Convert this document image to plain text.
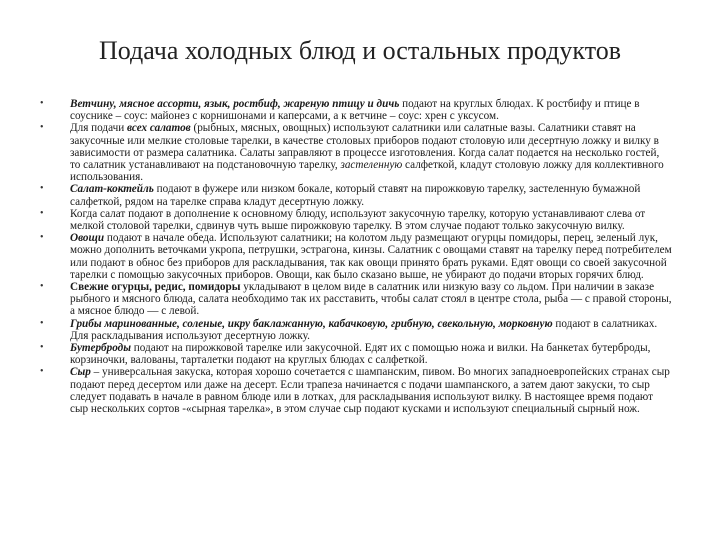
Подача холодных блюд и остальных продуктов
• Ветчину, мясное ассорти, язык, ростбиф, жареную птицу и дичь подают на круглых блюдах. К ростбифу и птице в соуснике – соус: майонез с корнишонами и каперсами, а к ветчине – соус: хрен с уксусом.
• Для подачи всех салатов (рыбных, мясных, овощных) используют салатники или салатные вазы. Салатники ставят на закусочные или мелкие столовые тарелки, в качестве столовых приборов подают столовую или десертную ложку и вилку в зависимости от размера салатника. Салаты заправляют в процессе изготовления. Когда салат подается на несколько гостей, то салатник устанавливают на подстановочную тарелку, застеленную салфеткой, кладут столовую ложку для коллективного использования.
• Салат-коктейль подают в фужере или низком бокале, который ставят на пирожковую тарелку, застеленную бумажной салфеткой, рядом на тарелке справа кладут десертную ложку.
• Когда салат подают в дополнение к основному блюду, используют закусочную тарелку, которую устанавливают слева от мелкой столовой тарелки, сдвинув чуть выше пирожковую тарелку. В этом случае подают только закусочную вилку.
• Овощи подают в начале обеда. Используют салатники; на колотом льду размещают огурцы помидоры, перец, зеленый лук, можно дополнить веточками укропа, петрушки, эстрагона, кинзы. Салатник с овощами ставят на тарелку перед потребителем или подают в обнос без приборов для раскладывания, так как овощи принято брать руками. Едят овощи со своей закусочной тарелки с помощью закусочных приборов. Овощи, как было сказано выше, не убирают до подачи вторых горячих блюд.
• Свежие огурцы, редис, помидоры укладывают в целом виде в салатник или низкую вазу со льдом. При наличии в заказе рыбного и мясного блюда, салата необходимо так их расставить, чтобы салат стоял в центре стола, рыба — с правой стороны, а мясное блюдо — с левой.
• Грибы маринованные, соленые, икру баклажанную, кабачковую, грибную, свекольную, морковную подают в салатниках. Для раскладывания используют десертную ложку.
• Бутерброды подают на пирожковой тарелке или закусочной. Едят их с помощью ножа и вилки. На банкетах бутерброды, корзиночки, валованы, тарталетки подают на круглых блюдах с салфеткой.
• Сыр – универсальная закуска, которая хорошо сочетается с шампанским, пивом. Во многих западноевропейских странах сыр подают перед десертом или даже на десерт. Если трапеза начинается с подачи шампанского, а затем дают закуски, то сыр следует подавать в начале в равном блюде или в лотках, для раскладывания используют вилку. В настоящее время подают сыр нескольких сортов -«сырная тарелка», в этом случае сыр подают кусками и используют специальный сырный нож.
